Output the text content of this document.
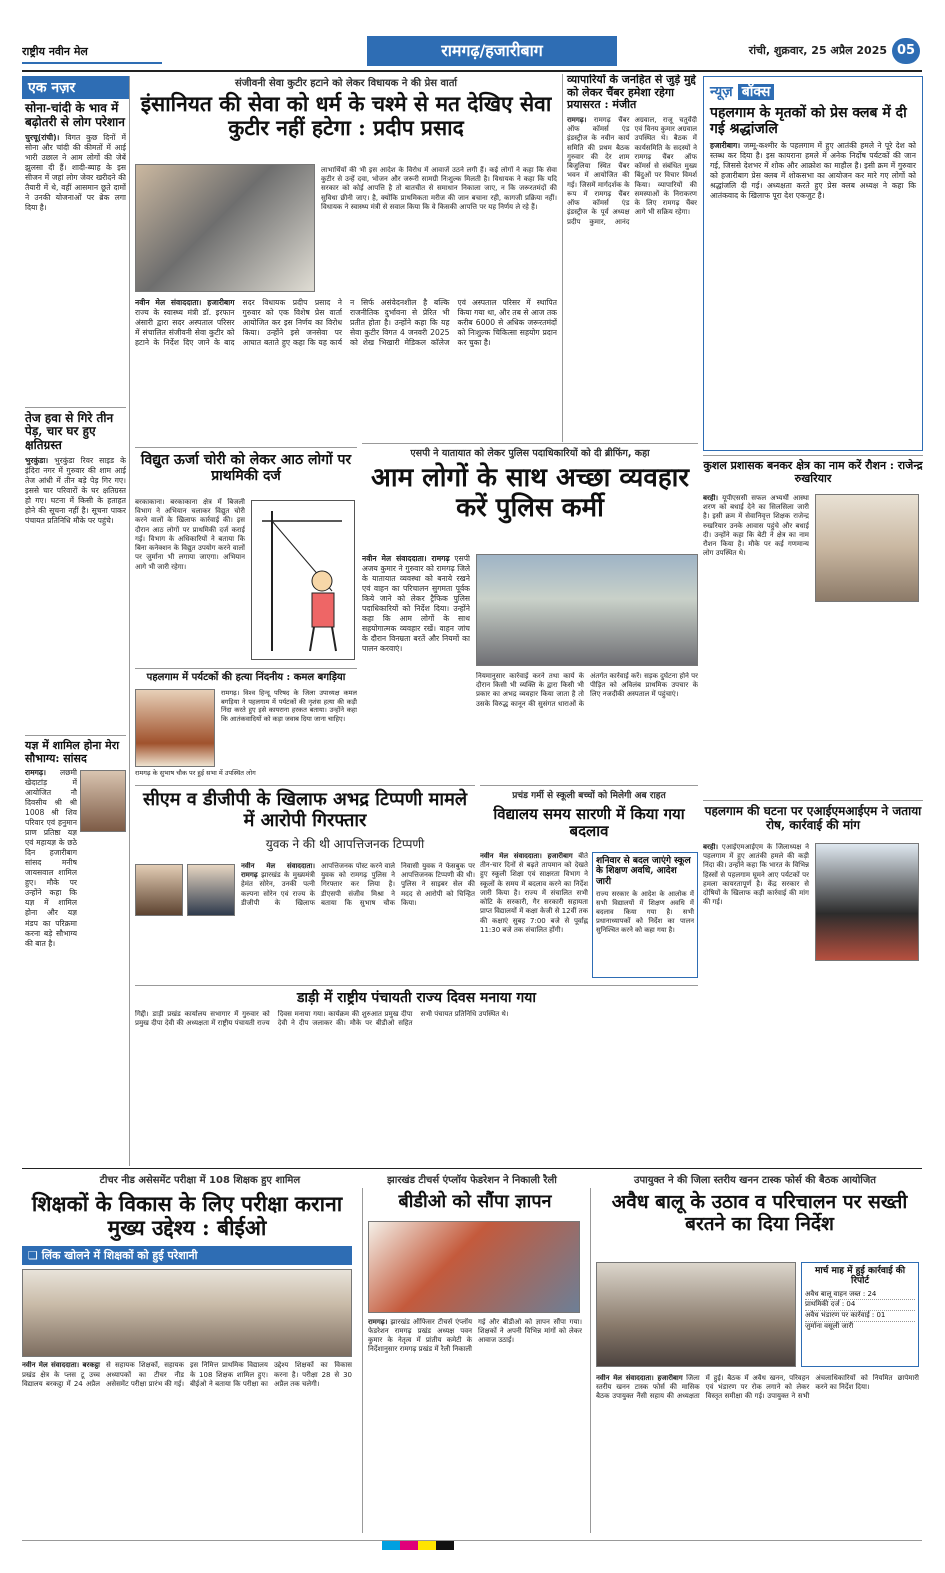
राष्ट्रीय नवीन मेल	रामगढ़/हजारीबाग	रांची, शुक्रवार, 25 अप्रैल 2025 05
एक नज़र
सोना-चांदी के भाव में बढ़ोतरी से लोग परेशान
चुरचू(रांची)। विगत कुछ दिनों में सोना और चांदी की कीमतों में आई भारी उछाल ने आम लोगों की जेबें झुलसा दी हैं। शादी-ब्याह के इस सीजन में जहां लोग जेवर खरीदने की तैयारी में थे, वहीं आसमान छूते दामों ने उनकी योजनाओं पर ब्रेक लगा दिया है।
तेज हवा से गिरे तीन पेड़, चार घर हुए क्षतिग्रस्त
भुरकुंडा। भुरकुंडा रिवर साइड के इंदिरा नगर में गुरुवार की शाम आई तेज आंधी में तीन बड़े पेड़ गिर गए। इससे चार परिवारों के घर क्षतिग्रस्त हो गए। घटना में किसी के हताहत होने की सूचना नहीं है। सूचना पाकर पंचायत प्रतिनिधि मौके पर पहुंचे।
यज्ञ में शामिल होना मेरा सौभाग्य: सांसद
रामगढ़। लछमी खेदाटांड़ में आयोजित नौ दिवसीय श्री श्री 1008 श्री शिव परिवार एवं हनुमान प्राण प्रतिष्ठा यज्ञ एवं महायज्ञ के छठे दिन हजारीबाग सांसद मनीष जायसवाल शामिल हुए। मौके पर उन्होंने कहा कि यज्ञ में शामिल होना और यज्ञ मंडप का परिक्रमा करना बड़े सौभाग्य की बात है।
संजीवनी सेवा कुटीर हटाने को लेकर विधायक ने की प्रेस वार्ता
इंसानियत की सेवा को धर्म के चश्मे से मत देखिए सेवा कुटीर नहीं हटेगा : प्रदीप प्रसाद
लाभार्थियों की भी इस आदेश के विरोध में आवाजें उठने लगी हैं। कई लोगों ने कहा कि सेवा कुटीर से उन्हें दवा, भोजन और जरूरी सामग्री निःशुल्क मिलती है। विधायक ने कहा कि यदि सरकार को कोई आपत्ति है तो बातचीत से समाधान निकाला जाए, न कि जरूरतमंदों की सुविधा छीनी जाए। है, क्योंकि प्राथमिकता मरीज की जान बचाना रही, कागजी प्रक्रिया नहीं। विधायक ने स्वास्थ्य मंत्री से सवाल किया कि वे किसकी आपत्ति पर यह निर्णय ले रहे हैं।
नवीन मेल संवाददाता। हजारीबाग राज्य के स्वास्थ्य मंत्री डॉ. इरफान अंसारी द्वारा सदर अस्पताल परिसर में संचालित संजीवनी सेवा कुटीर को हटाने के निर्देश दिए जाने के बाद सदर विधायक प्रदीप प्रसाद ने गुरुवार को एक विशेष प्रेस वार्ता आयोजित कर इस निर्णय का विरोध किया। उन्होंने इसे जनसेवा पर आघात बताते हुए कहा कि यह कार्य न सिर्फ असंवेदनशील है बल्कि राजनीतिक दुर्भावना से प्रेरित भी प्रतीत होता है। उन्होंने कहा कि यह सेवा कुटीर विगत 4 जनवरी 2025 को शेख भिखारी मेडिकल कॉलेज एवं अस्पताल परिसर में स्थापित किया गया था, और तब से आज तक करीब 6000 से अधिक जरूरतमंदों को निःशुल्क चिकित्सा सहयोग प्रदान कर चुका है।
व्यापारियों के जनहित से जुड़े मुद्दे को लेकर चैंबर हमेशा रहेगा प्रयासरत : मंजीत
रामगढ़। रामगढ़ चैंबर ऑफ कॉमर्स एंड इंडस्ट्रीज के नवीन कार्य समिति की प्रथम बैठक गुरुवार की देर शाम बिजुलिया स्थित चैंबर भवन में आयोजित की गई। जिसमें मार्गदर्शक के रूप में रामगढ़ चैंबर ऑफ कॉमर्स एंड इंडस्ट्रीज के पूर्व अध्यक्ष प्रदीप कुमार, आनंद अग्रवाल, राजू चतुर्वेदी एवं विनय कुमार अग्रवाल उपस्थित थे। बैठक में कार्यसमिति के सदस्यों ने रामगढ़ चैंबर ऑफ कॉमर्स से संबंधित मुख्य बिंदुओं पर विचार विमर्श किया। व्यापारियों की समस्याओं के निराकरण के लिए रामगढ़ चैंबर आगे भी सक्रिय रहेगा।
न्यूज़ बॉक्स
पहलगाम के मृतकों को प्रेस क्लब में दी गई श्रद्धांजलि
हजारीबाग। जम्मू-कश्मीर के पहलगाम में हुए आतंकी हमले ने पूरे देश को स्तब्ध कर दिया है। इस कायराना हमले में अनेक निर्दोष पर्यटकों की जान गई, जिससे देशभर में शोक और आक्रोश का माहौल है। इसी क्रम में गुरुवार को हजारीबाग प्रेस क्लब में शोकसभा का आयोजन कर मारे गए लोगों को श्रद्धांजलि दी गई। अध्यक्षता करते हुए प्रेस क्लब अध्यक्ष ने कहा कि आतंकवाद के खिलाफ पूरा देश एकजुट है।
विद्युत ऊर्जा चोरी को लेकर आठ लोगों पर प्राथमिकी दर्ज
बरकाकाना। बरकाकाना क्षेत्र में बिजली विभाग ने अभियान चलाकर विद्युत चोरी करने वालों के खिलाफ कार्रवाई की। इस दौरान आठ लोगों पर प्राथमिकी दर्ज कराई गई। विभाग के अधिकारियों ने बताया कि बिना कनेक्शन के विद्युत उपयोग करने वालों पर जुर्माना भी लगाया जाएगा। अभियान आगे भी जारी रहेगा।
पहलगाम में पर्यटकों की हत्या निंदनीय : कमल बगड़िया
रामगढ़। विश्व हिन्दू परिषद के जिला उपाध्यक्ष कमल बगड़िया ने पहलगाम में पर्यटकों की नृशंस हत्या की कड़ी निंदा करते हुए इसे कायराना हरकत बताया। उन्होंने कहा कि आतंकवादियों को कड़ा जवाब दिया जाना चाहिए।
रामगढ़ के सुभाष चौक पर हुई सभा में उपस्थित लोग
एसपी ने यातायात को लेकर पुलिस पदाधिकारियों को दी ब्रीफिंग, कहा
आम लोगों के साथ अच्छा व्यवहार करें पुलिस कर्मी
नवीन मेल संवाददाता। रामगढ़ एसपी अजय कुमार ने गुरुवार को रामगढ़ जिले के यातायात व्यवस्था को बनाये रखने एवं वाहन का परिचालन सुगमता पूर्वक किये जाने को लेकर ट्रैफिक पुलिस पदाधिकारियों को निर्देश दिया। उन्होंने कहा कि आम लोगों के साथ सहयोगात्मक व्यवहार रखें। वाहन जांच के दौरान विनम्रता बरतें और नियमों का पालन करवाएं।
नियमानुसार कार्रवाई करने तथा कार्य के दौरान किसी भी व्यक्ति के द्वारा किसी भी प्रकार का अभद्र व्यवहार किया जाता है तो उसके विरुद्ध कानून की सुसंगत धाराओं के अंतर्गत कार्रवाई करें। सड़क दुर्घटना होने पर पीड़ित को अविलंब प्राथमिक उपचार के लिए नजदीकी अस्पताल में पहुंचाएं।
कुशल प्रशासक बनकर क्षेत्र का नाम करें रौशन : राजेन्द्र रुखरियार
बरही। यूपीएससी सफल अभ्यर्थी आस्था शरण को बधाई देने का सिलसिला जारी है। इसी क्रम में सेवानिवृत्त शिक्षक राजेन्द्र रुखरियार उनके आवास पहुंचे और बधाई दी। उन्होंने कहा कि बेटी ने क्षेत्र का नाम रौशन किया है। मौके पर कई गणमान्य लोग उपस्थित थे।
सीएम व डीजीपी के खिलाफ अभद्र टिप्पणी मामले में आरोपी गिरफ्तार
युवक ने की थी आपत्तिजनक टिप्पणी
नवीन मेल संवाददाता। रामगढ़ झारखंड के मुख्यमंत्री हेमंत सोरेन, उनकी पत्नी कल्पना सोरेन एवं राज्य के डीजीपी के खिलाफ आपत्तिजनक पोस्ट करने वाले युवक को रामगढ़ पुलिस ने गिरफ्तार कर लिया है। डीएसपी संजीव मिश्रा ने बताया कि सुभाष चौक निवासी युवक ने फेसबुक पर आपत्तिजनक टिप्पणी की थी। पुलिस ने साइबर सेल की मदद से आरोपी को चिन्हित किया।
प्रचंड गर्मी से स्कूली बच्चों को मिलेगी अब राहत
विद्यालय समय सारणी में किया गया बदलाव
नवीन मेल संवाददाता। हजारीबाग बीते तीन-चार दिनों से बढ़ते तापमान को देखते हुए स्कूली शिक्षा एवं साक्षरता विभाग ने स्कूलों के समय में बदलाव करने का निर्देश जारी किया है। राज्य में संचालित सभी कोटि के सरकारी, गैर सरकारी सहायता प्राप्त विद्यालयों में कक्षा केजी से 12वीं तक की कक्षाएं सुबह 7:00 बजे से पूर्वाह्न 11:30 बजे तक संचालित होंगी।
शनिवार से बदल जाएंगे स्कूल के शिक्षण अवधि, आदेश जारी
राज्य सरकार के आदेश के आलोक में सभी विद्यालयों में शिक्षण अवधि में बदलाव किया गया है। सभी प्रधानाध्यापकों को निर्देश का पालन सुनिश्चित करने को कहा गया है।
पहलगाम की घटना पर एआईएमआईएम ने जताया रोष, कार्रवाई की मांग
बरही। एआईएमआईएम के जिलाध्यक्ष ने पहलगाम में हुए आतंकी हमले की कड़ी निंदा की। उन्होंने कहा कि भारत के विभिन्न हिस्सों से पहलगाम घूमने आए पर्यटकों पर हमला कायरतापूर्ण है। केंद्र सरकार से दोषियों के खिलाफ कड़ी कार्रवाई की मांग की गई।
डाड़ी में राष्ट्रीय पंचायती राज्य दिवस मनाया गया
गिद्दी। डाड़ी प्रखंड कार्यालय सभागार में गुरुवार को प्रमुख दीपा देवी की अध्यक्षता में राष्ट्रीय पंचायती राज्य दिवस मनाया गया। कार्यक्रम की शुरुआत प्रमुख दीपा देवी ने दीप जलाकर की। मौके पर बीडीओ सहित सभी पंचायत प्रतिनिधि उपस्थित थे।
टीचर नीड असेसमेंट परीक्षा में 108 शिक्षक हुए शामिल	झारखंड टीचर्स एंप्लॉय फेडरेशन ने निकाली रैली	उपायुक्त ने की जिला स्तरीय खनन टास्क फोर्स की बैठक आयोजित
शिक्षकों के विकास के लिए परीक्षा कराना मुख्य उद्देश्य : बीईओ
❑ लिंक खोलने में शिक्षकों को हुई परेशानी
नवीन मेल संवाददाता। बरकट्ठा प्रखंड क्षेत्र के प्लस टू उच्च विद्यालय बरकट्ठा में 24 अप्रैल से सहायक शिक्षकों, सहायक अध्यापकों का टीचर नीड असेसमेंट परीक्षा प्रारंभ की गई। इस निमित्त प्राथमिक विद्यालय के 108 शिक्षक शामिल हुए। बीईओ ने बताया कि परीक्षा का उद्देश्य शिक्षकों का विकास करना है। परीक्षा 28 से 30 अप्रैल तक चलेगी।
बीडीओ को सौंपा ज्ञापन
रामगढ़। झारखंड ऑफिसर टीचर्स एंप्लॉय फेडरेशन रामगढ़ प्रखंड अध्यक्ष पवन कुमार के नेतृत्व में प्रांतीय कमेटी के निर्देशानुसार रामगढ़ प्रखंड में रैली निकाली गई और बीडीओ को ज्ञापन सौंपा गया। शिक्षकों ने अपनी विभिन्न मांगों को लेकर आवाज उठाई।
अवैध बालू के उठाव व परिचालन पर सख्ती बरतने का दिया निर्देश
मार्च माह में हुई कार्रवाई की रिपोर्ट
अवैध बालू वाहन जब्त : 24
प्राथमिकी दर्ज : 04
अवैध भंडारण पर कार्रवाई : 01
जुर्माना वसूली जारी
नवीन मेल संवाददाता। हजारीबाग जिला स्तरीय खनन टास्क फोर्स की मासिक बैठक उपायुक्त नैंसी सहाय की अध्यक्षता में हुई। बैठक में अवैध खनन, परिवहन एवं भंडारण पर रोक लगाने को लेकर विस्तृत समीक्षा की गई। उपायुक्त ने सभी अंचलाधिकारियों को नियमित छापेमारी करने का निर्देश दिया।
